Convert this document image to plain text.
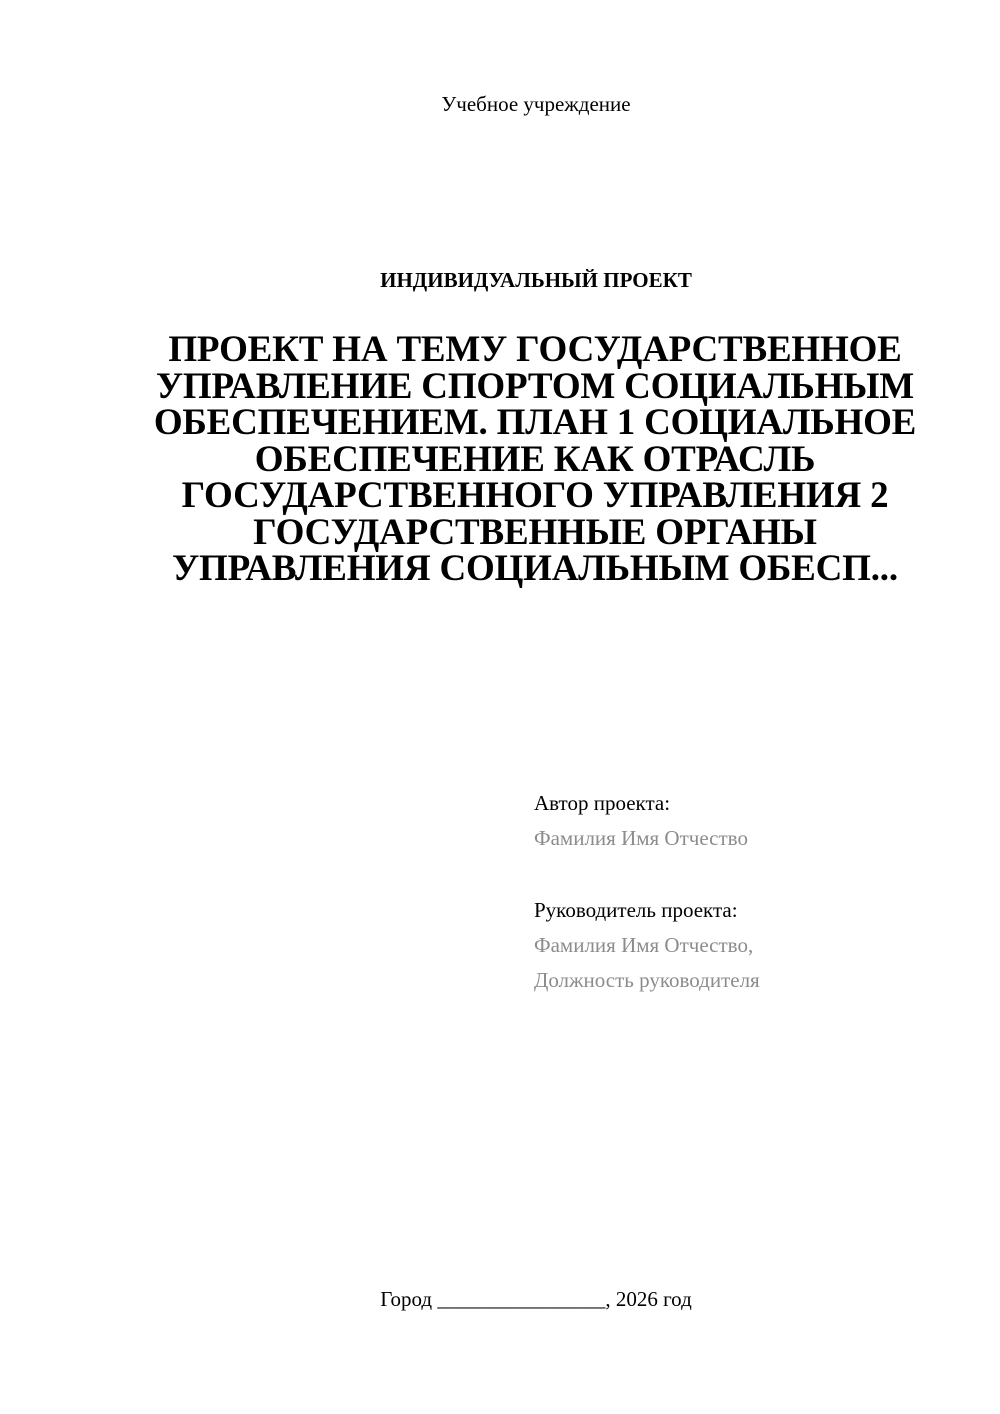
Учебное учреждение
ИНДИВИДУАЛЬНЫЙ ПРОЕКТ
ПРОЕКТ НА ТЕМУ ГОСУДАРСТВЕННОЕ УПРАВЛЕНИЕ СПОРТОМ СОЦИАЛЬНЫМ ОБЕСПЕЧЕНИЕМ. ПЛАН 1 СОЦИАЛЬНОЕ ОБЕСПЕЧЕНИЕ КАК ОТРАСЛЬ ГОСУДАРСТВЕННОГО УПРАВЛЕНИЯ 2 ГОСУДАРСТВЕННЫЕ ОРГАНЫ УПРАВЛЕНИЯ СОЦИАЛЬНЫМ ОБЕСП...
Автор проекта:
Фамилия Имя Отчество
Руководитель проекта:
Фамилия Имя Отчество,
Должность руководителя
Город ________________, 2026 год
